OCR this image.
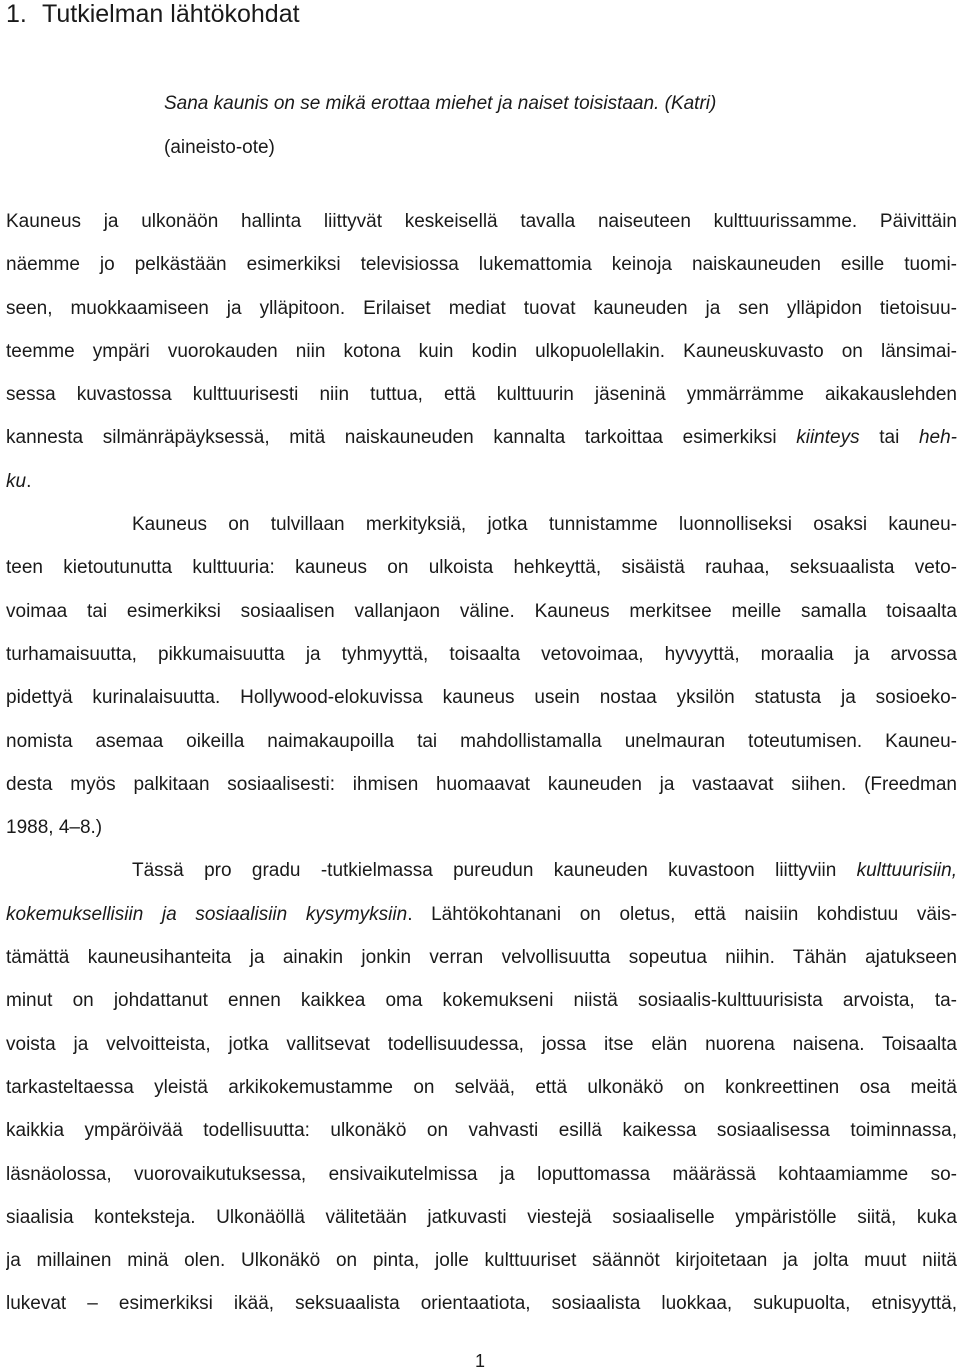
1. Tutkielman lähtökohdat

Sana kaunis on se mikä erottaa miehet ja naiset toisistaan. (Katri)

(aineisto-ote)

Kauneus ja ulkonäön hallinta liittyvät keskeisellä tavalla naiseuteen kulttuurissamme. Päivittäin
näemme jo pelkästään esimerkiksi televisiossa lukemattomia keinoja naiskauneuden esille tuomi-
seen, muokkaamiseen ja ylläpitoon. Erilaiset mediat tuovat kauneuden ja sen ylläpidon tietoisuu-
teemme ympäri vuorokauden niin kotona kuin kodin ulkopuolellakin. Kauneuskuvasto on länsimai-
sessa kuvastossa kulttuurisesti niin tuttua, että kulttuurin jäseninä ymmärrämme aikakauslehden
kannesta silmänräpäyksessä, mitä naiskauneuden kannalta tarkoittaa esimerkiksi kiinteys tai heh-
ku.
Kauneus on tulvillaan merkityksiä, jotka tunnistamme luonnolliseksi osaksi kauneu-
teen kietoutunutta kulttuuria: kauneus on ulkoista hehkeyttä, sisäistä rauhaa, seksuaalista veto-
voimaa tai esimerkiksi sosiaalisen vallanjaon väline. Kauneus merkitsee meille samalla toisaalta
turhamaisuutta, pikkumaisuutta ja tyhmyyttä, toisaalta vetovoimaa, hyvyyttä, moraalia ja arvossa
pidettyä kurinalaisuutta. Hollywood-elokuvissa kauneus usein nostaa yksilön statusta ja sosioeko-
nomista asemaa oikeilla naimakaupoilla tai mahdollistamalla unelmauran toteutumisen. Kauneu-
desta myös palkitaan sosiaalisesti: ihmisen huomaavat kauneuden ja vastaavat siihen. (Freedman
1988, 4–8.)
Tässä pro gradu -tutkielmassa pureudun kauneuden kuvastoon liittyviin kulttuurisiin,
kokemuksellisiin ja sosiaalisiin kysymyksiin. Lähtökohtanani on oletus, että naisiin kohdistuu väis-
tämättä kauneusihanteita ja ainakin jonkin verran velvollisuutta sopeutua niihin. Tähän ajatukseen
minut on johdattanut ennen kaikkea oma kokemukseni niistä sosiaalis-kulttuurisista arvoista, ta-
voista ja velvoitteista, jotka vallitsevat todellisuudessa, jossa itse elän nuorena naisena. Toisaalta
tarkasteltaessa yleistä arkikokemustamme on selvää, että ulkonäkö on konkreettinen osa meitä
kaikkia ympäröivää todellisuutta: ulkonäkö on vahvasti esillä kaikessa sosiaalisessa toiminnassa,
läsnäolossa, vuorovaikutuksessa, ensivaikutelmissa ja loputtomassa määrässä kohtaamiamme so-
siaalisia konteksteja. Ulkonäöllä välitetään jatkuvasti viestejä sosiaaliselle ympäristölle siitä, kuka
ja millainen minä olen. Ulkonäkö on pinta, jolle kulttuuriset säännöt kirjoitetaan ja jolta muut niitä
lukevat – esimerkiksi ikää, seksuaalista orientaatiota, sosiaalista luokkaa, sukupuolta, etnisyyttä,
1
